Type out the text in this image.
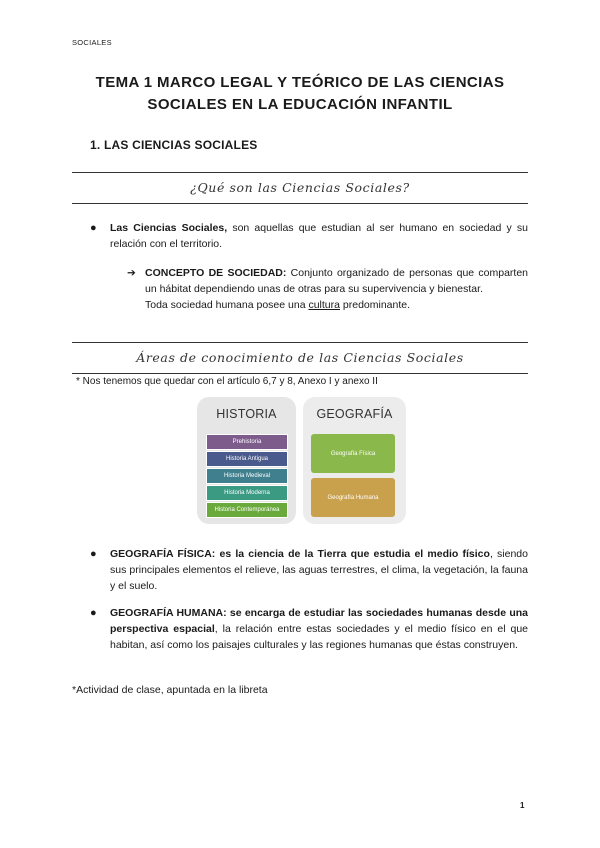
SOCIALES
TEMA 1 MARCO LEGAL Y TEÓRICO DE LAS CIENCIAS
SOCIALES EN LA EDUCACIÓN INFANTIL
1. LAS CIENCIAS SOCIALES
¿Qué son las Ciencias Sociales?
● Las Ciencias Sociales, son aquellas que estudian al ser humano en sociedad y su relación con el territorio.
➔ CONCEPTO DE SOCIEDAD: Conjunto organizado de personas que comparten un hábitat dependiendo unas de otras para su supervivencia y bienestar.
Toda sociedad humana posee una cultura predominante.
Áreas de conocimiento de las Ciencias Sociales
* Nos tenemos que quedar con el artículo 6,7 y 8, Anexo I y anexo II
HISTORIA
Prehistoria
Historia Antigua
Historia Medieval
Historia Moderna
Historia Contemporánea
GEOGRAFÍA
Geografía Física
Geografía Humana
● GEOGRAFÍA FÍSICA: es la ciencia de la Tierra que estudia el medio físico, siendo sus principales elementos el relieve, las aguas terrestres, el clima, la vegetación, la fauna y el suelo.
● GEOGRAFÍA HUMANA: se encarga de estudiar las sociedades humanas desde una perspectiva espacial, la relación entre estas sociedades y el medio físico en el que habitan, así como los paisajes culturales y las regiones humanas que éstas construyen.
*Actividad de clase, apuntada en la libreta
1
